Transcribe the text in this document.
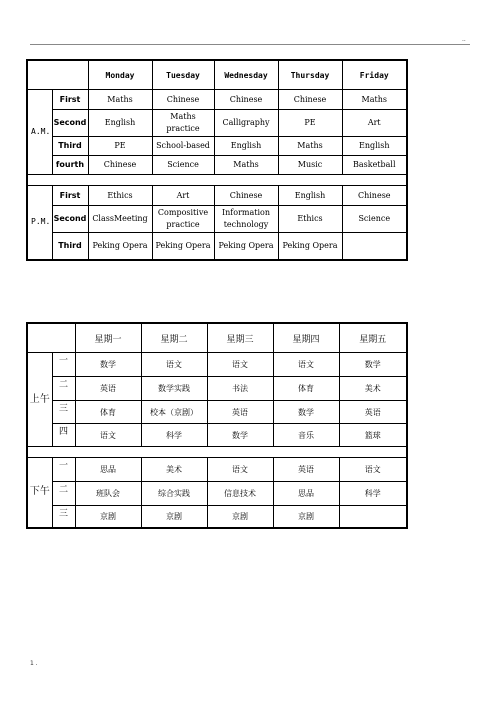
..
		Monday	Tuesday	Wednesday	Thursday	Friday
A.M.	First	Maths	Chinese	Chinese	Chinese	Maths
	Second	English	Maths practice	Calligraphy	PE	Art
	Third	PE	School-based	English	Maths	English
	fourth	Chinese	Science	Maths	Music	Basketball

P.M.	First	Ethics	Art	Chinese	English	Chinese
	Second	ClassMeeting	Compositive practice	Information technology	Ethics	Science
	Third	Peking Opera	Peking Opera	Peking Opera	Peking Opera	
		星期一	星期二	星期三	星期四	星期五
上午	一	数学	语文	语文	语文	数学
	二	英语	数学实践	书法	体育	美术
	三	体育	校本（京剧）	英语	数学	英语
	四	语文	科学	数学	音乐	篮球

下午	一	思品	美术	语文	英语	语文
	二	班队会	综合实践	信息技术	思品	科学
	三	京剧	京剧	京剧	京剧	
1 .
